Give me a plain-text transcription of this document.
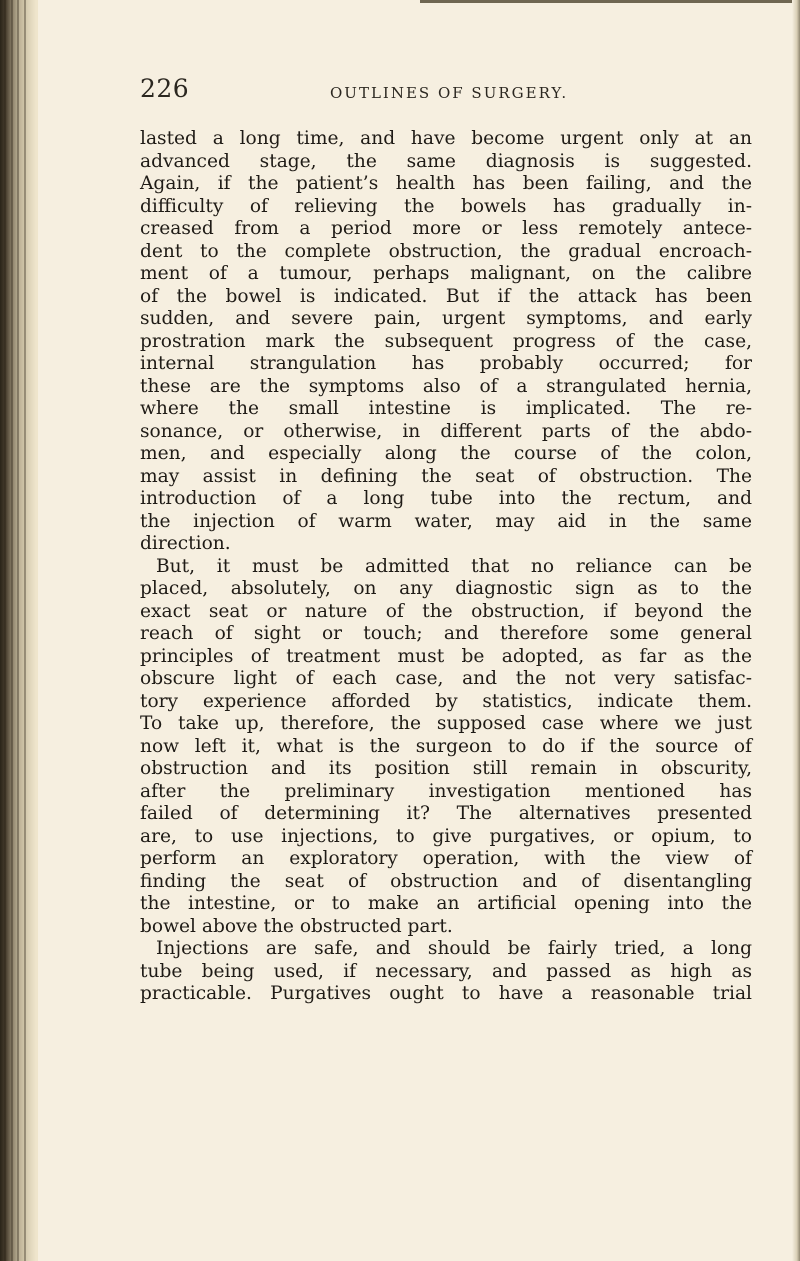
226	OUTLINES OF SURGERY.
lasted a long time, and have become urgent only at an
advanced stage, the same diagnosis is suggested.
Again, if the patient’s health has been failing, and the
difficulty of relieving the bowels has gradually in-
creased from a period more or less remotely antece-
dent to the complete obstruction, the gradual encroach-
ment of a tumour, perhaps malignant, on the calibre
of the bowel is indicated. But if the attack has been
sudden, and severe pain, urgent symptoms, and early
prostration mark the subsequent progress of the case,
internal strangulation has probably occurred; for
these are the symptoms also of a strangulated hernia,
where the small intestine is implicated. The re-
sonance, or otherwise, in different parts of the abdo-
men, and especially along the course of the colon,
may assist in defining the seat of obstruction. The
introduction of a long tube into the rectum, and
the injection of warm water, may aid in the same
direction.
But, it must be admitted that no reliance can be
placed, absolutely, on any diagnostic sign as to the
exact seat or nature of the obstruction, if beyond the
reach of sight or touch; and therefore some general
principles of treatment must be adopted, as far as the
obscure light of each case, and the not very satisfac-
tory experience afforded by statistics, indicate them.
To take up, therefore, the supposed case where we just
now left it, what is the surgeon to do if the source of
obstruction and its position still remain in obscurity,
after the preliminary investigation mentioned has
failed of determining it? The alternatives presented
are, to use injections, to give purgatives, or opium, to
perform an exploratory operation, with the view of
finding the seat of obstruction and of disentangling
the intestine, or to make an artificial opening into the
bowel above the obstructed part.
Injections are safe, and should be fairly tried, a long
tube being used, if necessary, and passed as high as
practicable. Purgatives ought to have a reasonable trial
